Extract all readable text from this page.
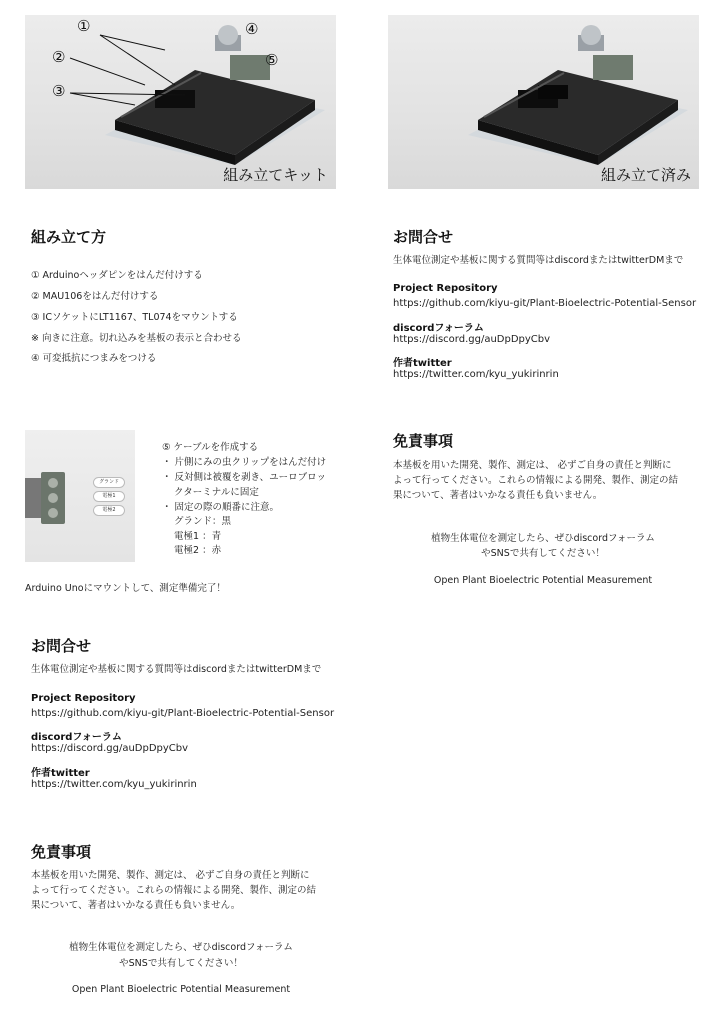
①
②
③
④
⑤
組み立てキット	組み立て済み
組み立て方
① Arduinoヘッダピンをはんだ付けする
② MAU106をはんだ付けする
③ ICソケットにLT1167、TL074をマウントする
※ 向きに注意。切れ込みを基板の表示と合わせる
④ 可変抵抗につまみをつける
グランド
電極1
電極2
⑤ ケーブルを作成する
・ 片側にみの虫クリップをはんだ付け
・ 反対側は被覆を剥き、ユーロブロッ
クターミナルに固定
・ 固定の際の順番に注意。
グランド：黒
電極1 ：青
電極2 ：赤
Arduino Unoにマウントして、測定準備完了！
お問合せ
生体電位測定や基板に関する質問等はdiscordまたはtwitterDMまで
Project Repository
https://github.com/kiyu-git/Plant-Bioelectric-Potential-Sensor
discordフォーラム
https://discord.gg/auDpDpyCbv
作者twitter
https://twitter.com/kyu_yukirinrin
免責事項
本基板を用いた開発、製作、測定は、 必ずご自身の責任と判断に
よって行ってください。これらの情報による開発、製作、測定の結
果について、著者はいかなる責任も負いません。
植物生体電位を測定したら、ぜひdiscordフォーラム
やSNSで共有してください！
Open Plant Bioelectric Potential Measurement
お問合せ
生体電位測定や基板に関する質問等はdiscordまたはtwitterDMまで
Project Repository
https://github.com/kiyu-git/Plant-Bioelectric-Potential-Sensor
discordフォーラム
https://discord.gg/auDpDpyCbv
作者twitter
https://twitter.com/kyu_yukirinrin
免責事項
本基板を用いた開発、製作、測定は、 必ずご自身の責任と判断に
よって行ってください。これらの情報による開発、製作、測定の結
果について、著者はいかなる責任も負いません。
植物生体電位を測定したら、ぜひdiscordフォーラム
やSNSで共有してください！
Open Plant Bioelectric Potential Measurement
